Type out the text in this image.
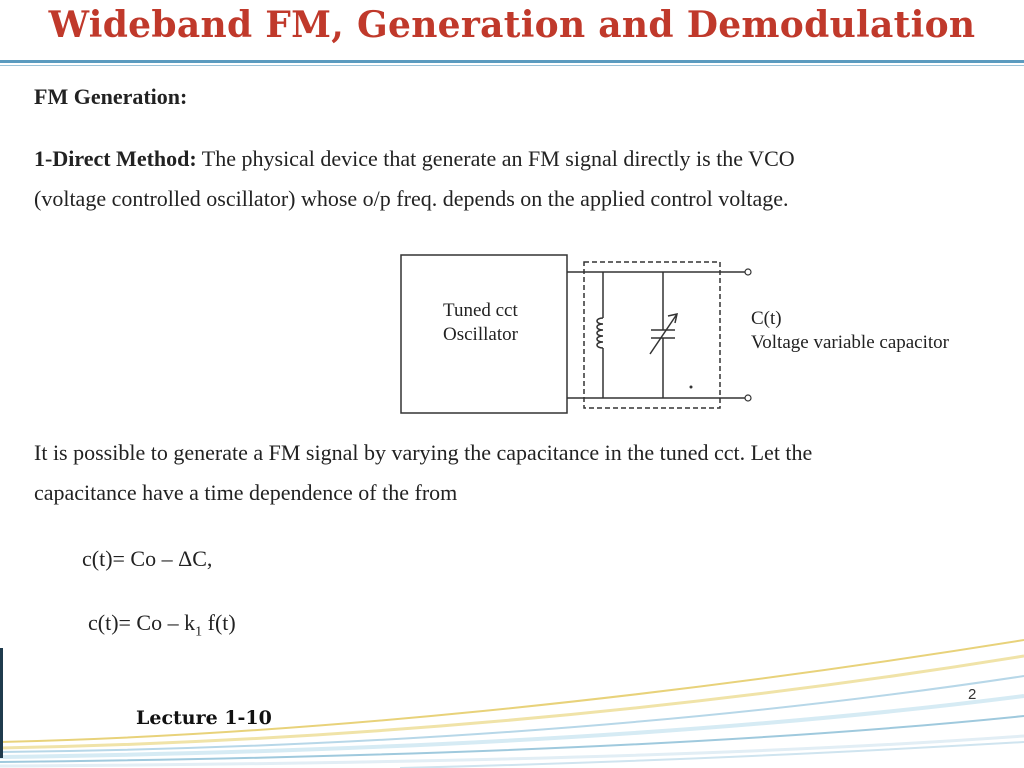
Wideband FM, Generation and Demodulation
FM Generation:
1-Direct Method: The physical device that generate an FM signal directly is the VCO
(voltage controlled oscillator) whose o/p freq. depends on the applied control voltage.
Tuned cct
Oscillator
C(t)
Voltage variable capacitor
It is possible to generate a FM signal by varying the capacitance in the tuned cct. Let the
capacitance have a time dependence of the from
c(t)= Co – ΔC,
$c(t)= Co - k_1$ f(t)
2
Lecture 1-10
